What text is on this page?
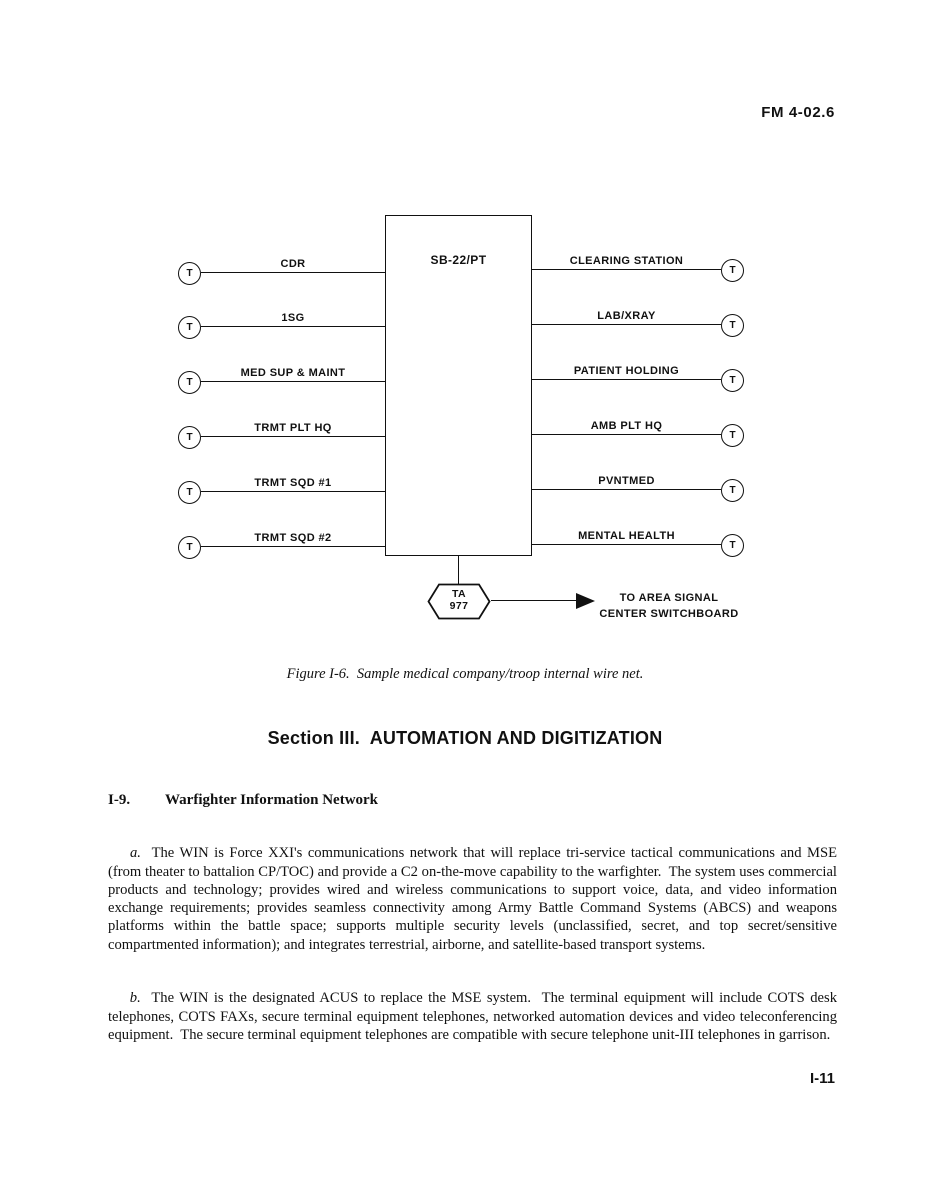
FM 4-02.6
SB-22/PT
T
T
T
T
T
T
CDR
1SG
MED SUP & MAINT
TRMT PLT HQ
TRMT SQD #1
TRMT SQD #2
CLEARING STATION
LAB/XRAY
PATIENT HOLDING
AMB PLT HQ
PVNTMED
MENTAL HEALTH
T
T
T
T
T
T
TA
977
TO AREA SIGNAL
CENTER SWITCHBOARD
Figure I-6.  Sample medical company/troop internal wire net.
Section III.  AUTOMATION AND DIGITIZATION
I-9. Warfighter Information Network

a.  The WIN is Force XXI's communications network that will replace tri-service tactical communications and MSE (from theater to battalion CP/TOC) and provide a C2 on-the-move capability to the warfighter.  The system uses commercial products and technology; provides wired and wireless communications to support voice, data, and video information exchange requirements; provides seamless connectivity among Army Battle Command Systems (ABCS) and weapons platforms within the battle space; supports multiple security levels (unclassified, secret, and top secret/sensitive compartmented information); and integrates terrestrial, airborne, and satellite-based transport systems.

b.  The WIN is the designated ACUS to replace the MSE system.  The terminal equipment will include COTS desk telephones, COTS FAXs, secure terminal equipment telephones, networked automation devices and video teleconferencing equipment.  The secure terminal equipment telephones are compatible with secure telephone unit-III telephones in garrison.

I-11
